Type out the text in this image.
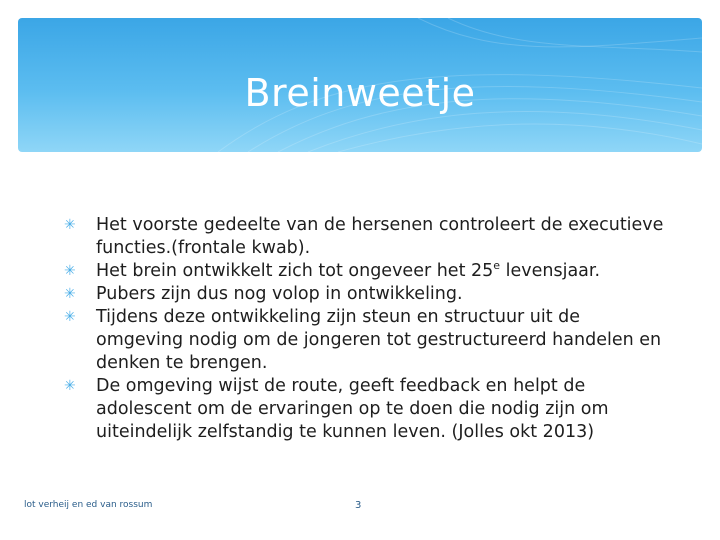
Breinweetje
✳ Het voorste gedeelte van de hersenen controleert de executieve functies.(frontale kwab).
✳ Het brein ontwikkelt zich tot ongeveer het 25e levensjaar.
✳ Pubers zijn dus nog volop in ontwikkeling.
✳ Tijdens deze ontwikkeling zijn steun en structuur uit de omgeving nodig om de jongeren tot gestructureerd handelen en denken te brengen.
✳ De omgeving wijst de route, geeft feedback en helpt de adolescent om de ervaringen op te doen die nodig zijn om uiteindelijk zelfstandig te kunnen leven. (Jolles okt 2013)
lot verheij en ed van rossum	3
